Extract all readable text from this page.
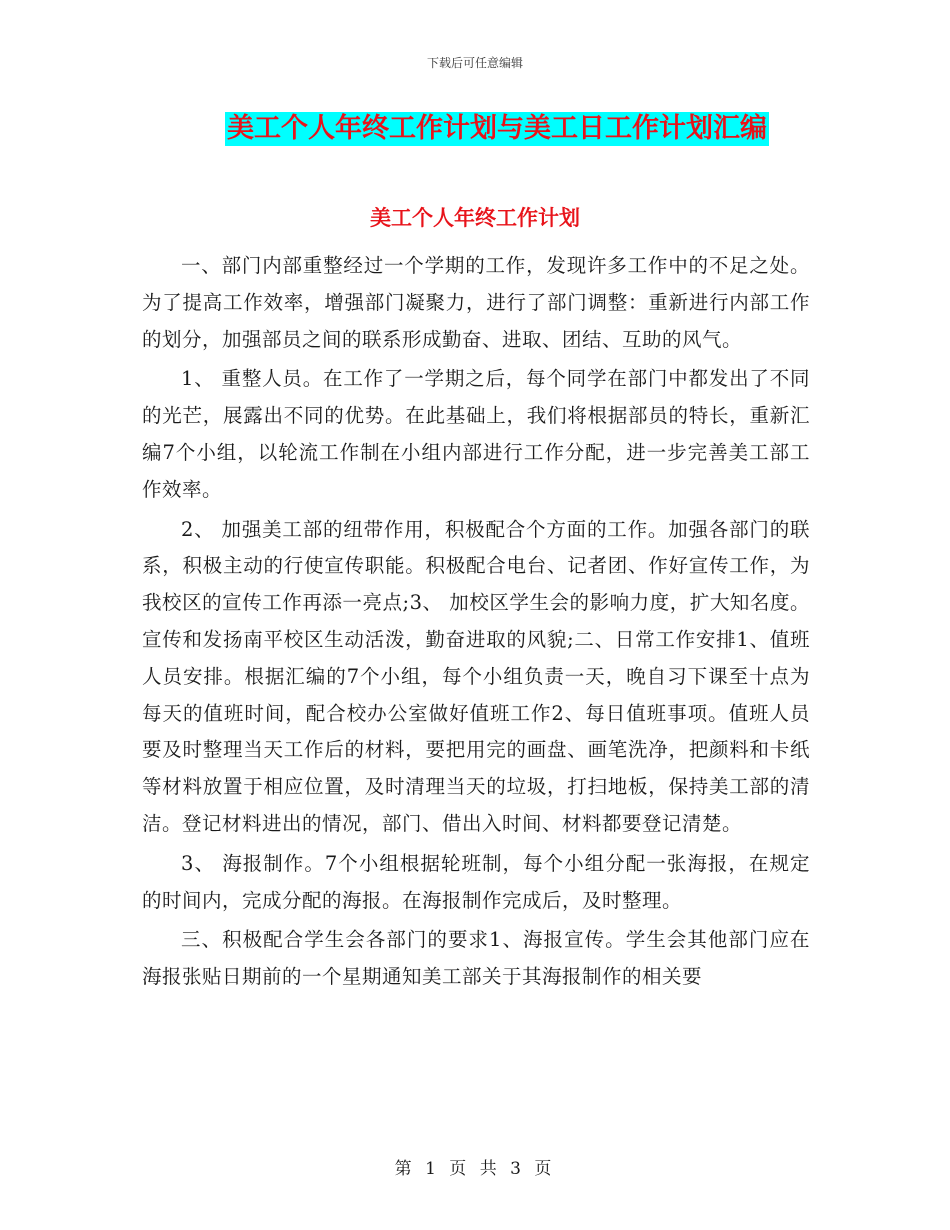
下载后可任意编辑
美工个人年终工作计划与美工日工作计划汇编
美工个人年终工作计划

一、部门内部重整经过一个学期的工作，发现许多工作中的不足之处。为了提高工作效率，增强部门凝聚力，进行了部门调整：重新进行内部工作的划分，加强部员之间的联系形成勤奋、进取、团结、互助的风气。

1、 重整人员。在工作了一学期之后，每个同学在部门中都发出了不同的光芒，展露出不同的优势。在此基础上，我们将根据部员的特长，重新汇编7个小组，以轮流工作制在小组内部进行工作分配，进一步完善美工部工作效率。

2、 加强美工部的纽带作用，积极配合个方面的工作。加强各部门的联系，积极主动的行使宣传职能。积极配合电台、记者团、作好宣传工作，为我校区的宣传工作再添一亮点;3、 加校区学生会的影响力度，扩大知名度。宣传和发扬南平校区生动活泼，勤奋进取的风貌;二、日常工作安排1、值班人员安排。根据汇编的7个小组，每个小组负责一天，晚自习下课至十点为每天的值班时间，配合校办公室做好值班工作2、每日值班事项。值班人员要及时整理当天工作后的材料，要把用完的画盘、画笔洗净，把颜料和卡纸等材料放置于相应位置，及时清理当天的垃圾，打扫地板，保持美工部的清洁。登记材料进出的情况，部门、借出入时间、材料都要登记清楚。

3、 海报制作。7个小组根据轮班制，每个小组分配一张海报，在规定的时间内，完成分配的海报。在海报制作完成后，及时整理。

三、积极配合学生会各部门的要求1、海报宣传。学生会其他部门应在海报张贴日期前的一个星期通知美工部关于其海报制作的相关要

第 1 页 共 3 页
